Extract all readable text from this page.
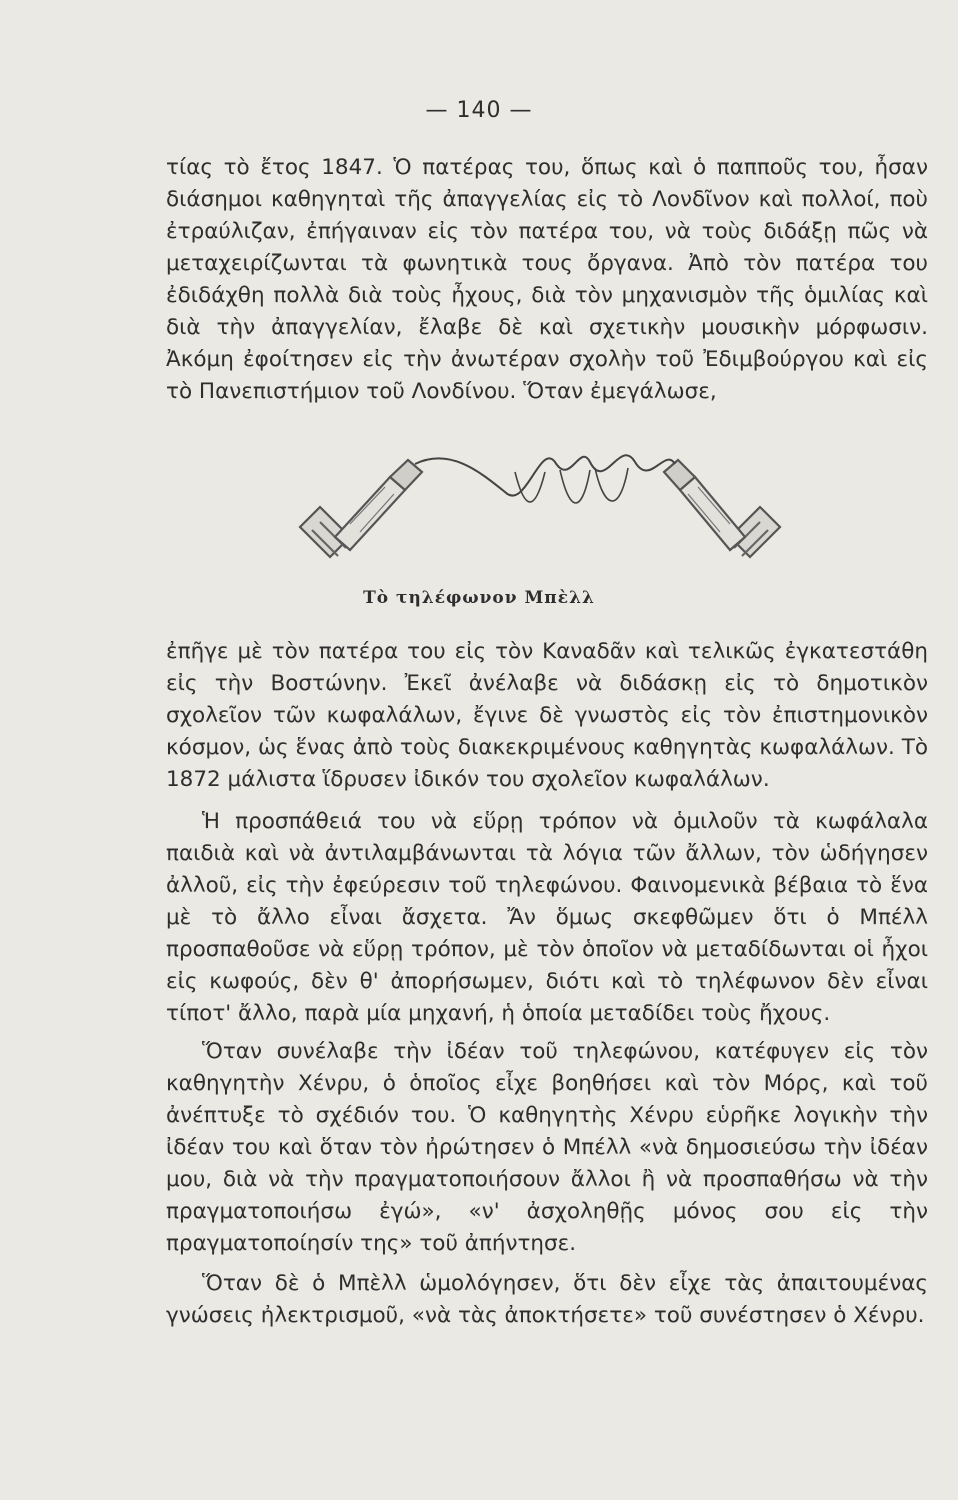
— 140 —

τίας τὸ ἔτος 1847. Ὁ πατέρας του, ὅπως καὶ ὁ παπποῦς του, ἦσαν διάσημοι καθηγηταὶ τῆς ἀπαγγελίας εἰς τὸ Λονδῖνον καὶ πολλοί, ποὺ ἐτραύλιζαν, ἐπήγαιναν εἰς τὸν πατέρα του, νὰ τοὺς διδάξῃ πῶς νὰ μεταχειρίζωνται τὰ φωνητικὰ τους ὄργανα. Ἀπὸ τὸν πατέρα του ἐδιδάχθη πολλὰ διὰ τοὺς ἦχους, διὰ τὸν μηχανισμὸν τῆς ὁμιλίας καὶ διὰ τὴν ἀπαγγελίαν, ἔλαβε δὲ καὶ σχετικὴν μουσικὴν μόρφωσιν. Ἀκόμη ἐφοίτησεν εἰς τὴν ἀνωτέραν σχολὴν τοῦ Ἐδιμβούργου καὶ εἰς τὸ Πανεπιστήμιον τοῦ Λονδίνου. Ὅταν ἐμεγάλωσε,

Τὸ τηλέφωνον Μπὲλλ

ἐπῆγε μὲ τὸν πατέρα του εἰς τὸν Καναδᾶν καὶ τελικῶς ἐγκατεστάθη εἰς τὴν Βοστώνην. Ἐκεῖ ἀνέλαβε νὰ διδάσκῃ εἰς τὸ δημοτικὸν σχολεῖον τῶν κωφαλάλων, ἔγινε δὲ γνωστὸς εἰς τὸν ἐπιστημονικὸν κόσμον, ὡς ἕνας ἀπὸ τοὺς διακεκριμένους καθηγητὰς κωφαλάλων. Τὸ 1872 μάλιστα ἵδρυσεν ἰδικόν του σχολεῖον κωφαλάλων.

Ἡ προσπάθειά του νὰ εὕρῃ τρόπον νὰ ὁμιλοῦν τὰ κωφάλαλα παιδιὰ καὶ νὰ ἀντιλαμβάνωνται τὰ λόγια τῶν ἄλλων, τὸν ὡδήγησεν ἀλλοῦ, εἰς τὴν ἐφεύρεσιν τοῦ τηλεφώνου. Φαινομενικὰ βέβαια τὸ ἕνα μὲ τὸ ἄλλο εἶναι ἄσχετα. Ἄν ὅμως σκεφθῶμεν ὅτι ὁ Μπέλλ προσπαθοῦσε νὰ εὕρῃ τρόπον, μὲ τὸν ὁποῖον νὰ μεταδίδωνται οἱ ἦχοι εἰς κωφούς, δὲν θ' ἀπορήσωμεν, διότι καὶ τὸ τηλέφωνον δὲν εἶναι τίποτ' ἄλλο, παρὰ μία μηχανή, ἡ ὁποία μεταδίδει τοὺς ἤχους.

Ὅταν συνέλαβε τὴν ἰδέαν τοῦ τηλεφώνου, κατέφυγεν εἰς τὸν καθηγητὴν Χένρυ, ὁ ὁποῖος εἶχε βοηθήσει καὶ τὸν Μόρς, καὶ τοῦ ἀνέπτυξε τὸ σχέδιόν του. Ὁ καθηγητὴς Χένρυ εὑρῆκε λογικὴν τὴν ἰδέαν του καὶ ὅταν τὸν ἠρώτησεν ὁ Μπέλλ «νὰ δημοσιεύσω τὴν ἰδέαν μου, διὰ νὰ τὴν πραγματοποιήσουν ἄλλοι ἢ νὰ προσπαθήσω νὰ τὴν πραγματοποιήσω ἐγώ», «ν' ἀσχοληθῇς μόνος σου εἰς τὴν πραγματοποίησίν της» τοῦ ἀπήντησε.

Ὅταν δὲ ὁ Μπὲλλ ὡμολόγησεν, ὅτι δὲν εἶχε τὰς ἀπαιτουμένας γνώσεις ἠλεκτρισμοῦ, «νὰ τὰς ἀποκτήσετε» τοῦ συνέστησεν ὁ Χένρυ.
